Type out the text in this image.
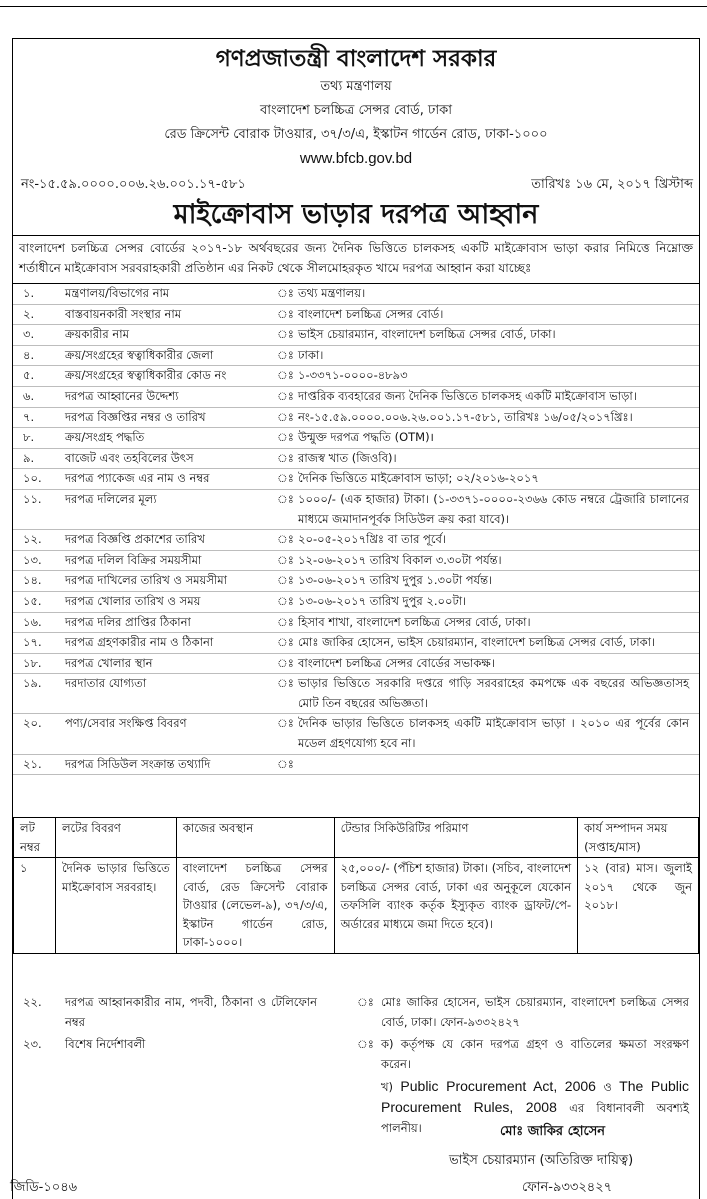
গণপ্রজাতন্ত্রী বাংলাদেশ সরকার
তথ্য মন্ত্রণালয়
বাংলাদেশ চলচ্চিত্র সেন্সর বোর্ড, ঢাকা
রেড ক্রিসেন্ট বোরাক টাওয়ার, ৩৭/৩/এ, ইস্কাটন গার্ডেন রোড, ঢাকা-১০০০
www.bfcb.gov.bd
নং-১৫.৫৯.০০০০.০০৬.২৬.০০১.১৭-৫৮১	তারিখঃ ১৬ মে, ২০১৭ খ্রিস্টাব্দ
মাইক্রোবাস ভাড়ার দরপত্র আহ্বান
বাংলাদেশ চলচ্চিত্র সেন্সর বোর্ডের ২০১৭-১৮ অর্থবছরের জন্য দৈনিক ভিত্তিতে চালকসহ একটি মাইক্রোবাস ভাড়া করার নিমিত্তে নিম্নোক্ত শর্তাধীনে মাইক্রোবাস সরবরাহকারী প্রতিষ্ঠান এর নিকট থেকে সীলমোহরকৃত খামে দরপত্র আহ্বান করা যাচ্ছেঃ
১.	মন্ত্রণালয়/বিভাগের নাম	ঃ তথ্য মন্ত্রণালয়।
২.	বাস্তবায়নকারী সংস্থার নাম	ঃ বাংলাদেশ চলচ্চিত্র সেন্সর বোর্ড।
৩.	ক্রয়কারীর নাম	ঃ ভাইস চেয়ারম্যান, বাংলাদেশ চলচ্চিত্র সেন্সর বোর্ড, ঢাকা।
৪.	ক্রয়/সংগ্রহের স্বত্বাধিকারীর জেলা	ঃ ঢাকা।
৫.	ক্রয়/সংগ্রহের স্বত্বাধিকারীর কোড নং	ঃ ১-৩৩৭১-০০০০-৪৮৯৩
৬.	দরপত্র আহ্বানের উদ্দেশ্য	ঃ দাপ্তরিক ব্যবহারের জন্য দৈনিক ভিত্তিতে চালকসহ একটি মাইক্রোবাস ভাড়া।
৭.	দরপত্র বিজ্ঞপ্তির নম্বর ও তারিখ	ঃ নং-১৫.৫৯.০০০০.০০৬.২৬.০০১.১৭-৫৮১, তারিখঃ ১৬/০৫/২০১৭খ্রিঃ।
৮.	ক্রয়/সংগ্রহ পদ্ধতি	ঃ উন্মুক্ত দরপত্র পদ্ধতি (OTM)।
৯.	বাজেট এবং তহবিলের উৎস	ঃ রাজস্ব খাত (জিওবি)।
১০. দরপত্র প্যাকেজ এর নাম ও নম্বর	ঃ দৈনিক ভিত্তিতে মাইক্রোবাস ভাড়া; ০২/২০১৬-২০১৭
১১. দরপত্র দলিলের মূল্য	ঃ ১০০০/- (এক হাজার) টাকা। (১-৩৩৭১-০০০০-২৩৬৬ কোড নম্বরে ট্রেজারি চালানের মাধ্যমে জমাদানপূর্বক সিডিউল ক্রয় করা যাবে)।
১২. দরপত্র বিজ্ঞপ্তি প্রকাশের তারিখ	ঃ ২০-০৫-২০১৭খ্রিঃ বা তার পূর্বে।
১৩. দরপত্র দলিল বিক্রির সময়সীমা	ঃ ১২-০৬-২০১৭ তারিখ বিকাল ৩.৩০টা পর্যন্ত।
১৪. দরপত্র দাখিলের তারিখ ও সময়সীমা	ঃ ১৩-০৬-২০১৭ তারিখ দুপুর ১.৩০টা পর্যন্ত।
১৫. দরপত্র খোলার তারিখ ও সময়	ঃ ১৩-০৬-২০১৭ তারিখ দুপুর ২.০০টা।
১৬. দরপত্র দলির প্রাপ্তির ঠিকানা	ঃ হিসাব শাখা, বাংলাদেশ চলচ্চিত্র সেন্সর বোর্ড, ঢাকা।
১৭. দরপত্র গ্রহণকারীর নাম ও ঠিকানা	ঃ মোঃ জাকির হোসেন, ভাইস চেয়ারম্যান, বাংলাদেশ চলচ্চিত্র সেন্সর বোর্ড, ঢাকা।
১৮. দরপত্র খোলার স্থান	ঃ বাংলাদেশ চলচ্চিত্র সেন্সর বোর্ডের সভাকক্ষ।
১৯. দরদাতার যোগ্যতা	ঃ ভাড়ার ভিত্তিতে সরকারি দপ্তরে গাড়ি সরবরাহের কমপক্ষে এক বছরের অভিজ্ঞতাসহ মোট তিন বছরের অভিজ্ঞতা।
২০. পণ্য/সেবার সংক্ষিপ্ত বিবরণ	ঃ দৈনিক ভাড়ার ভিত্তিতে চালকসহ একটি মাইক্রোবাস ভাড়া । ২০১০ এর পূর্বের কোন মডেল গ্রহণযোগ্য হবে না।
২১. দরপত্র সিডিউল সংক্রান্ত তথ্যাদি	ঃ
লট নম্বর	লটের বিবরণ	কাজের অবস্থান	টেন্ডার সিকিউরিটির পরিমাণ	কার্য সম্পাদন সময় (সপ্তাহ/মাস)
১	দৈনিক ভাড়ার ভিত্তিতে মাইক্রোবাস সরবরাহ।	বাংলাদেশ চলচ্চিত্র সেন্সর বোর্ড, রেড ক্রিসেন্ট বোরাক টাওয়ার (লেভেল-৯), ৩৭/৩/এ, ইস্কাটন গার্ডেন রোড, ঢাকা-১০০০।	২৫,০০০/- (পঁচিশ হাজার) টাকা। (সচিব, বাংলাদেশ চলচ্চিত্র সেন্সর বোর্ড, ঢাকা এর অনুকূলে যেকোন তফসিলি ব্যাংক কর্তৃক ইস্যুকৃত ব্যাংক ড্রাফট/পে-অর্ডারের মাধ্যমে জমা দিতে হবে)।	১২ (বার) মাস। জুলাই ২০১৭ থেকে জুন ২০১৮।
২২. দরপত্র আহ্বানকারীর নাম, পদবী, ঠিকানা ও টেলিফোন নম্বর
ঃ মোঃ জাকির হোসেন, ভাইস চেয়ারম্যান, বাংলাদেশ চলচ্চিত্র সেন্সর বোর্ড, ঢাকা। ফোন-৯৩৩২৪২৭
২৩. বিশেষ নির্দেশাবলী	ঃ ক) কর্তৃপক্ষ যে কোন দরপত্র গ্রহণ ও বাতিলের ক্ষমতা সংরক্ষণ করেন।
খ) Public Procurement Act, 2006 ও The Public Procurement Rules, 2008 এর বিধানাবলী অবশ্যই পালনীয়।	মোঃ জাকির হোসেন
ভাইস চেয়ারম্যান (অতিরিক্ত দায়িত্ব)
ফোন-৯৩৩২৪২৭
জিডি-১০৪৬
